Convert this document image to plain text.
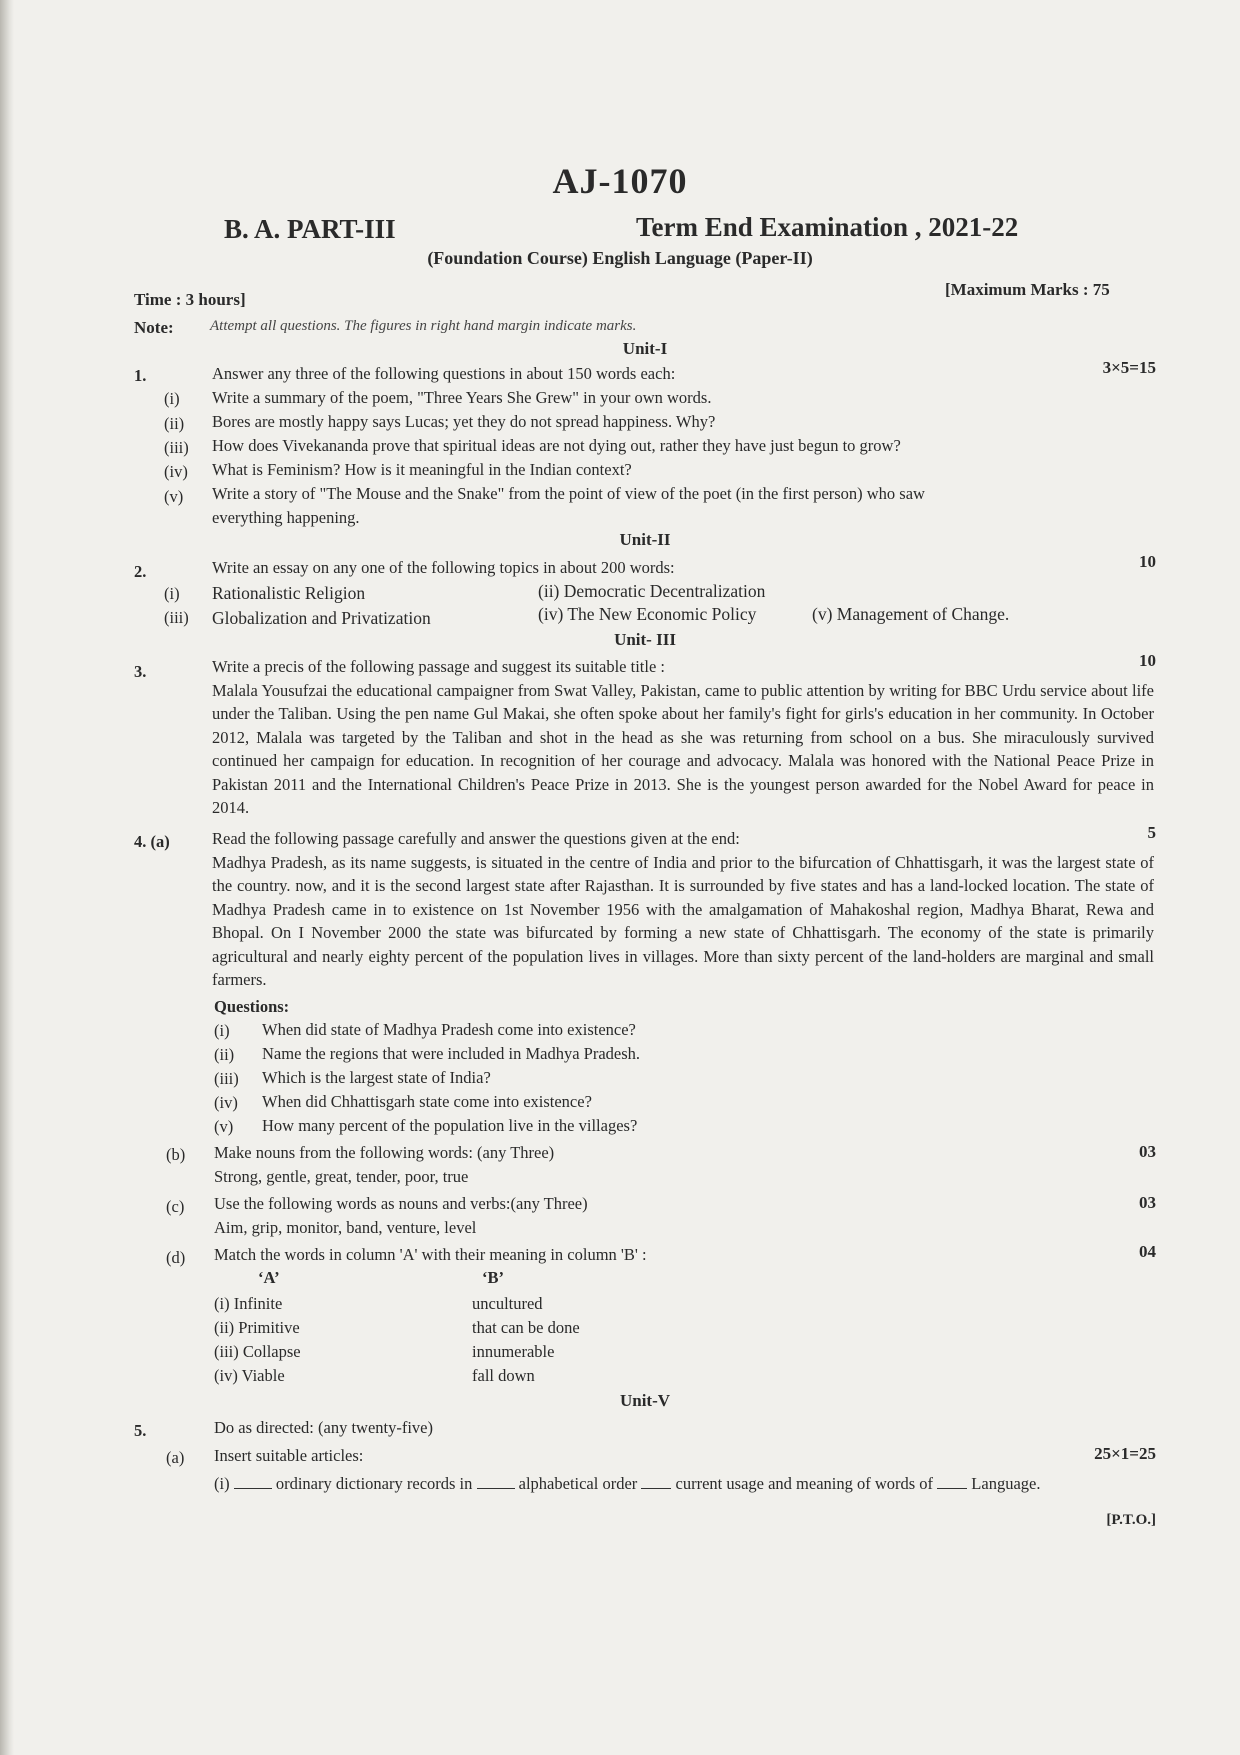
AJ-1070
B. A. PART-III	Term End Examination , 2021-22
(Foundation Course) English Language (Paper-II)
Time : 3 hours]
[Maximum Marks : 75
Note: Attempt all questions. The figures in right hand margin indicate marks.
Unit-I
1.	Answer any three of the following questions in about 150 words each:	3×5=15
(i) Write a summary of the poem, "Three Years She Grew" in your own words.
(ii) Bores are mostly happy says Lucas; yet they do not spread happiness. Why?
(iii) How does Vivekananda prove that spiritual ideas are not dying out, rather they have just begun to grow?
(iv) What is Feminism? How is it meaningful in the Indian context?
(v) Write a story of "The Mouse and the Snake" from the point of view of the poet (in the first person) who saw
everything happening.
Unit-II
2.	Write an essay on any one of the following topics in about 200 words:	10
(i) Rationalistic Religion	(ii) Democratic Decentralization
(iii) Globalization and Privatization	(iv) The New Economic Policy	(v) Management of Change.
Unit- III
3.	Write a precis of the following passage and suggest its suitable title :	10
Malala Yousufzai the educational campaigner from Swat Valley, Pakistan, came to public attention by writing for BBC Urdu service about life under the Taliban. Using the pen name Gul Makai, she often spoke about her family's fight for girls's education in her community. In October 2012, Malala was targeted by the Taliban and shot in the head as she was returning from school on a bus. She miraculously survived continued her campaign for education. In recognition of her courage and advocacy. Malala was honored with the National Peace Prize in Pakistan 2011 and the International Children's Peace Prize in 2013. She is the youngest person awarded for the Nobel Award for peace in 2014.
4. (a)	Read the following passage carefully and answer the questions given at the end:	5
Madhya Pradesh, as its name suggests, is situated in the centre of India and prior to the bifurcation of Chhattisgarh, it was the largest state of the country. now, and it is the second largest state after Rajasthan. It is surrounded by five states and has a land-locked location. The state of Madhya Pradesh came in to existence on 1st November 1956 with the amalgamation of Mahakoshal region, Madhya Bharat, Rewa and Bhopal. On I November 2000 the state was bifurcated by forming a new state of Chhattisgarh. The economy of the state is primarily agricultural and nearly eighty percent of the population lives in villages. More than sixty percent of the land-holders are marginal and small farmers.
Questions:
(i) When did state of Madhya Pradesh come into existence?
(ii) Name the regions that were included in Madhya Pradesh.
(iii) Which is the largest state of India?
(iv) When did Chhattisgarh state come into existence?
(v) How many percent of the population live in the villages?
(b) Make nouns from the following words: (any Three)	03
Strong, gentle, great, tender, poor, true
(c) Use the following words as nouns and verbs:(any Three)	03
Aim, grip, monitor, band, venture, level
(d) Match the words in column 'A' with their meaning in column 'B' :	04
‘A’	‘B’
(i) Infinite	uncultured
(ii) Primitive	that can be done
(iii) Collapse	innumerable
(iv) Viable	fall down
Unit-V
5.	Do as directed: (any twenty-five)
(a) Insert suitable articles:	25×1=25
(i)	ordinary dictionary records in	alphabetical order current usage and meaning of words of Language.
[P.T.O.]
